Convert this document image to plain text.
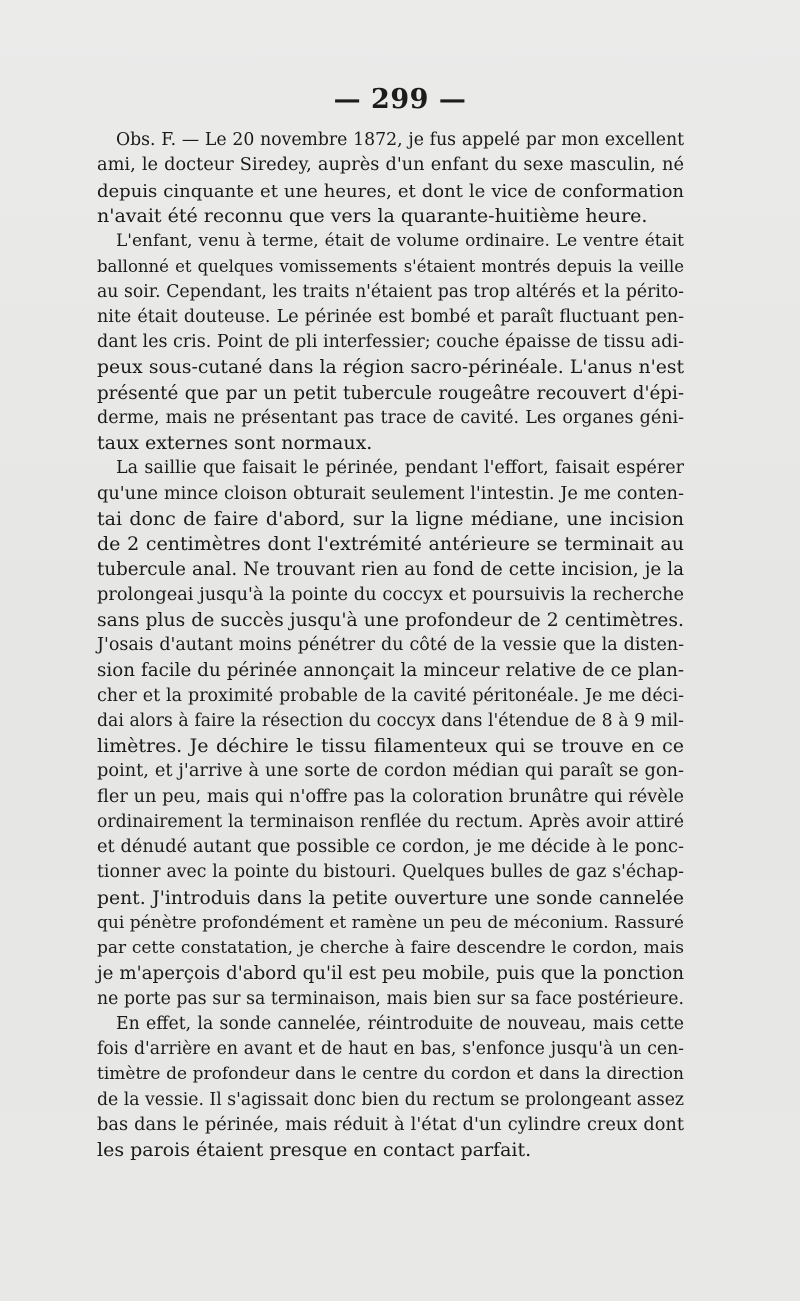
— 299 —
Obs. F. — Le 20 novembre 1872, je fus appelé par mon excellent
ami, le docteur Siredey, auprès d'un enfant du sexe masculin, né
depuis cinquante et une heures, et dont le vice de conformation
n'avait été reconnu que vers la quarante-huitième heure.
L'enfant, venu à terme, était de volume ordinaire. Le ventre était
ballonné et quelques vomissements s'étaient montrés depuis la veille
au soir. Cependant, les traits n'étaient pas trop altérés et la périto-
nite était douteuse. Le périnée est bombé et paraît fluctuant pen-
dant les cris. Point de pli interfessier; couche épaisse de tissu adi-
peux sous-cutané dans la région sacro-périnéale. L'anus n'est
présenté que par un petit tubercule rougeâtre recouvert d'épi-
derme, mais ne présentant pas trace de cavité. Les organes géni-
taux externes sont normaux.
La saillie que faisait le périnée, pendant l'effort, faisait espérer
qu'une mince cloison obturait seulement l'intestin. Je me conten-
tai donc de faire d'abord, sur la ligne médiane, une incision
de 2 centimètres dont l'extrémité antérieure se terminait au
tubercule anal. Ne trouvant rien au fond de cette incision, je la
prolongeai jusqu'à la pointe du coccyx et poursuivis la recherche
sans plus de succès jusqu'à une profondeur de 2 centimètres.
J'osais d'autant moins pénétrer du côté de la vessie que la disten-
sion facile du périnée annonçait la minceur relative de ce plan-
cher et la proximité probable de la cavité péritonéale. Je me déci-
dai alors à faire la résection du coccyx dans l'étendue de 8 à 9 mil-
limètres. Je déchire le tissu filamenteux qui se trouve en ce
point, et j'arrive à une sorte de cordon médian qui paraît se gon-
fler un peu, mais qui n'offre pas la coloration brunâtre qui révèle
ordinairement la terminaison renflée du rectum. Après avoir attiré
et dénudé autant que possible ce cordon, je me décide à le ponc-
tionner avec la pointe du bistouri. Quelques bulles de gaz s'échap-
pent. J'introduis dans la petite ouverture une sonde cannelée
qui pénètre profondément et ramène un peu de méconium. Rassuré
par cette constatation, je cherche à faire descendre le cordon, mais
je m'aperçois d'abord qu'il est peu mobile, puis que la ponction
ne porte pas sur sa terminaison, mais bien sur sa face postérieure.
En effet, la sonde cannelée, réintroduite de nouveau, mais cette
fois d'arrière en avant et de haut en bas, s'enfonce jusqu'à un cen-
timètre de profondeur dans le centre du cordon et dans la direction
de la vessie. Il s'agissait donc bien du rectum se prolongeant assez
bas dans le périnée, mais réduit à l'état d'un cylindre creux dont
les parois étaient presque en contact parfait.
